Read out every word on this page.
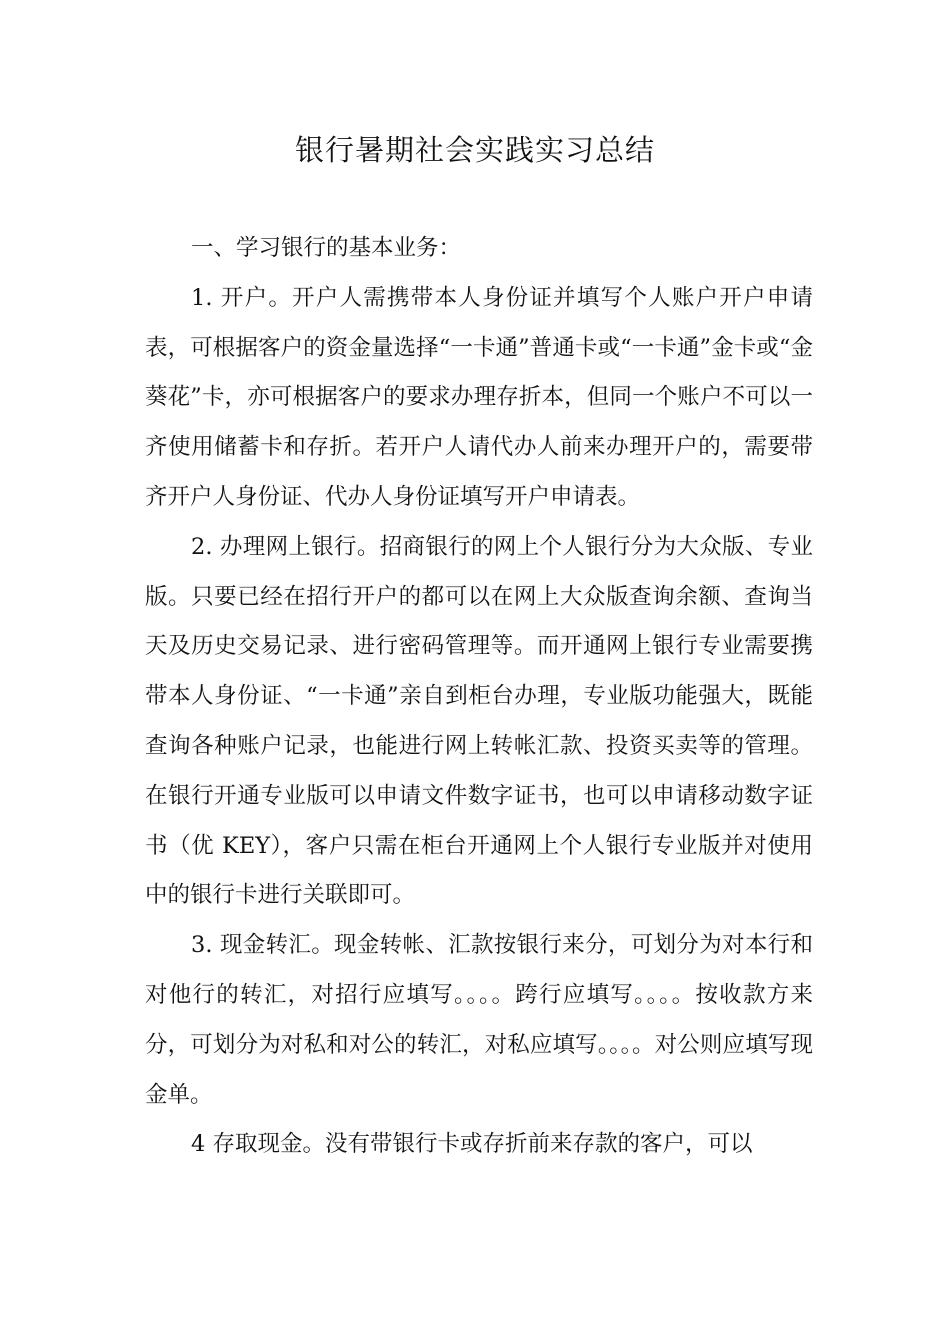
银行暑期社会实践实习总结

一、学习银行的基本业务：

1. 开户。开户人需携带本人身份证并填写个人账户开户申请表，可根据客户的资金量选择“一卡通”普通卡或“一卡通”金卡或“金葵花”卡，亦可根据客户的要求办理存折本，但同一个账户不可以一齐使用储蓄卡和存折。若开户人请代办人前来办理开户的，需要带齐开户人身份证、代办人身份证填写开户申请表。

2. 办理网上银行。招商银行的网上个人银行分为大众版、专业版。只要已经在招行开户的都可以在网上大众版查询余额、查询当天及历史交易记录、进行密码管理等。而开通网上银行专业需要携带本人身份证、“一卡通”亲自到柜台办理，专业版功能强大，既能查询各种账户记录，也能进行网上转帐汇款、投资买卖等的管理。在银行开通专业版可以申请文件数字证书，也可以申请移动数字证书（优 KEY），客户只需在柜台开通网上个人银行专业版并对使用中的银行卡进行关联即可。

3. 现金转汇。现金转帐、汇款按银行来分，可划分为对本行和对他行的转汇，对招行应填写。。。。跨行应填写。。。。按收款方来分，可划分为对私和对公的转汇，对私应填写。。。。对公则应填写现金单。

4 存取现金。没有带银行卡或存折前来存款的客户，可以
